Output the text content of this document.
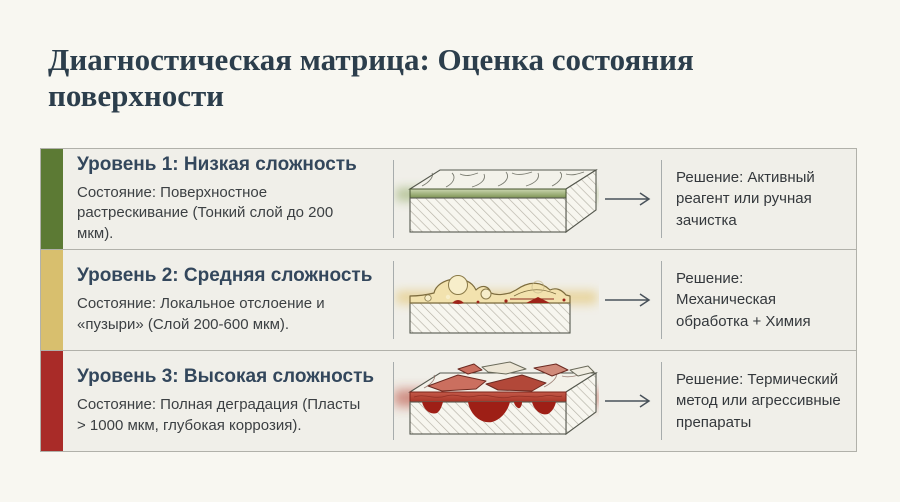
Диагностическая матрица: Оценка состояния поверхности

Уровень 1: Низкая сложность

Состояние: Поверхностное растрескивание (Тонкий слой до 200 мкм).

Решение: Активный реагент или ручная зачистка

Уровень 2: Средняя сложность

Состояние: Локальное отслоение и «пузыри» (Слой 200-600 мкм).

Решение: Механическая обработка + Химия

Уровень 3: Высокая сложность

Состояние: Полная деградация (Пласты > 1000 мкм, глубокая коррозия).

Решение: Термический метод или агрессивные препараты
